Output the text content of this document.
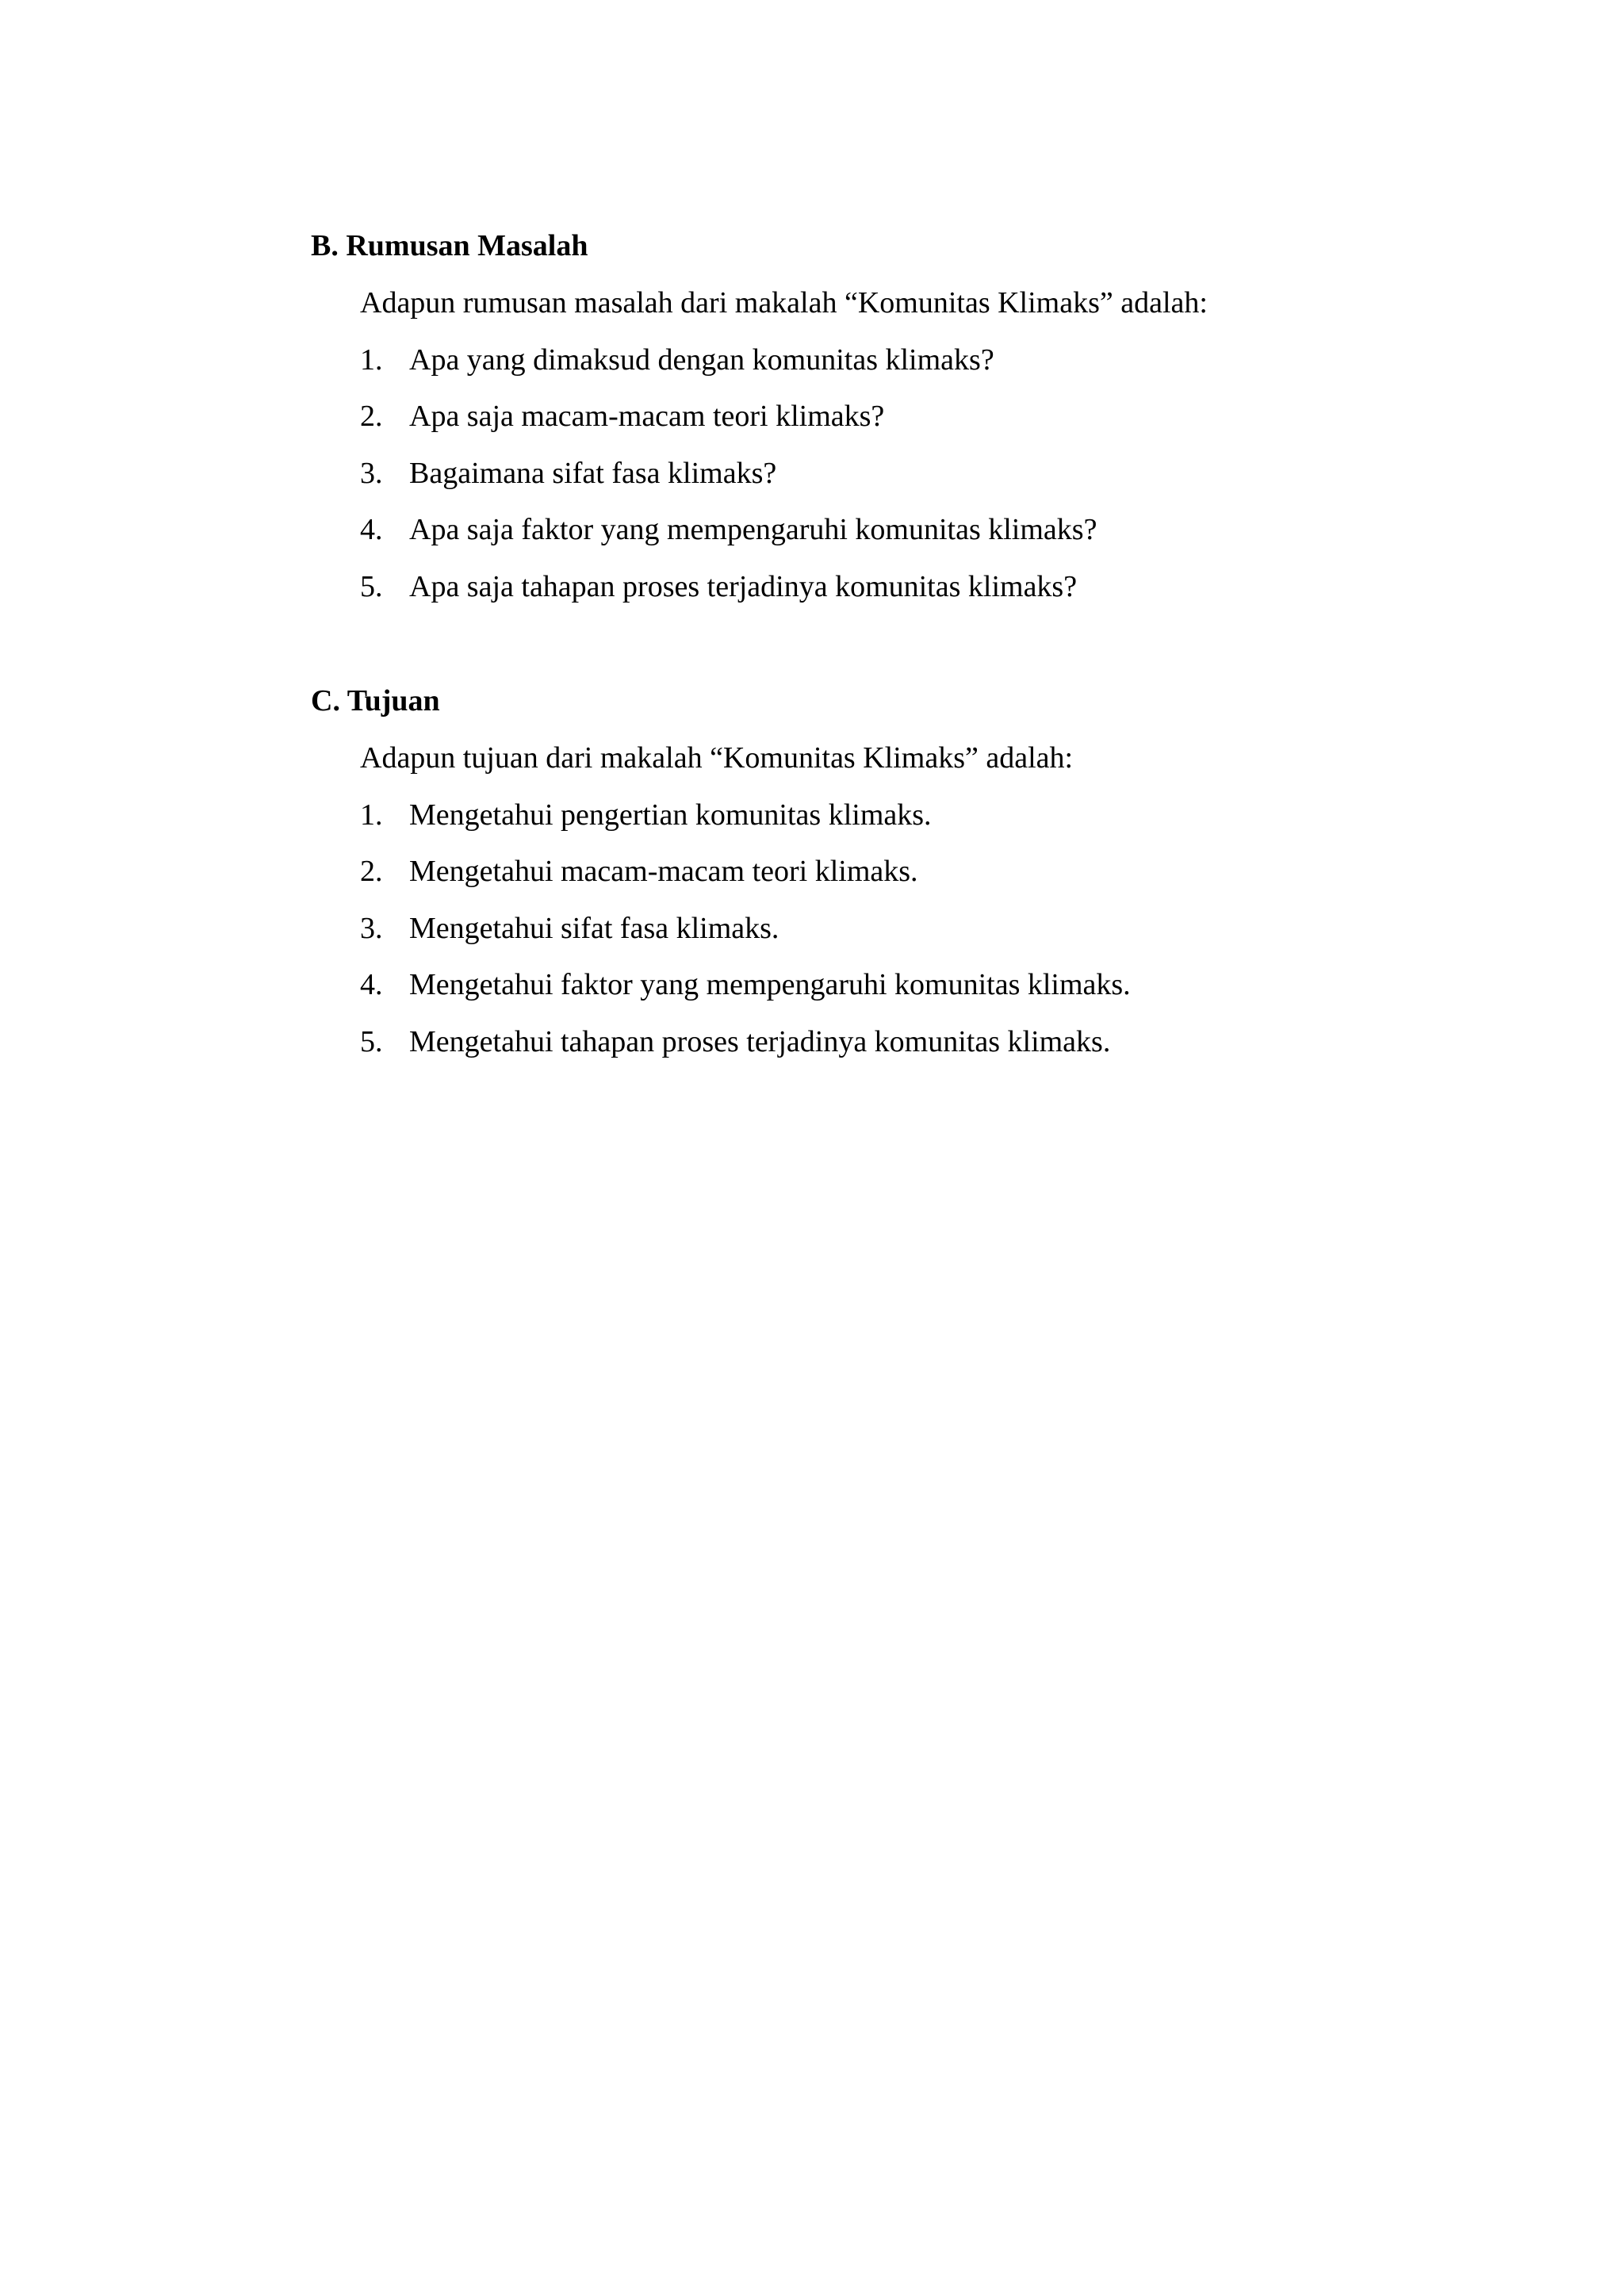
B. Rumusan Masalah
Adapun rumusan masalah dari makalah “Komunitas Klimaks” adalah:
1. Apa yang dimaksud dengan komunitas klimaks?
2. Apa saja macam-macam teori klimaks?
3. Bagaimana sifat fasa klimaks?
4. Apa saja faktor yang mempengaruhi komunitas klimaks?
5. Apa saja tahapan proses terjadinya komunitas klimaks?
C. Tujuan
Adapun tujuan dari makalah “Komunitas Klimaks” adalah:
1. Mengetahui pengertian komunitas klimaks.
2. Mengetahui macam-macam teori klimaks.
3. Mengetahui sifat fasa klimaks.
4. Mengetahui faktor yang mempengaruhi komunitas klimaks.
5. Mengetahui tahapan proses terjadinya komunitas klimaks.
